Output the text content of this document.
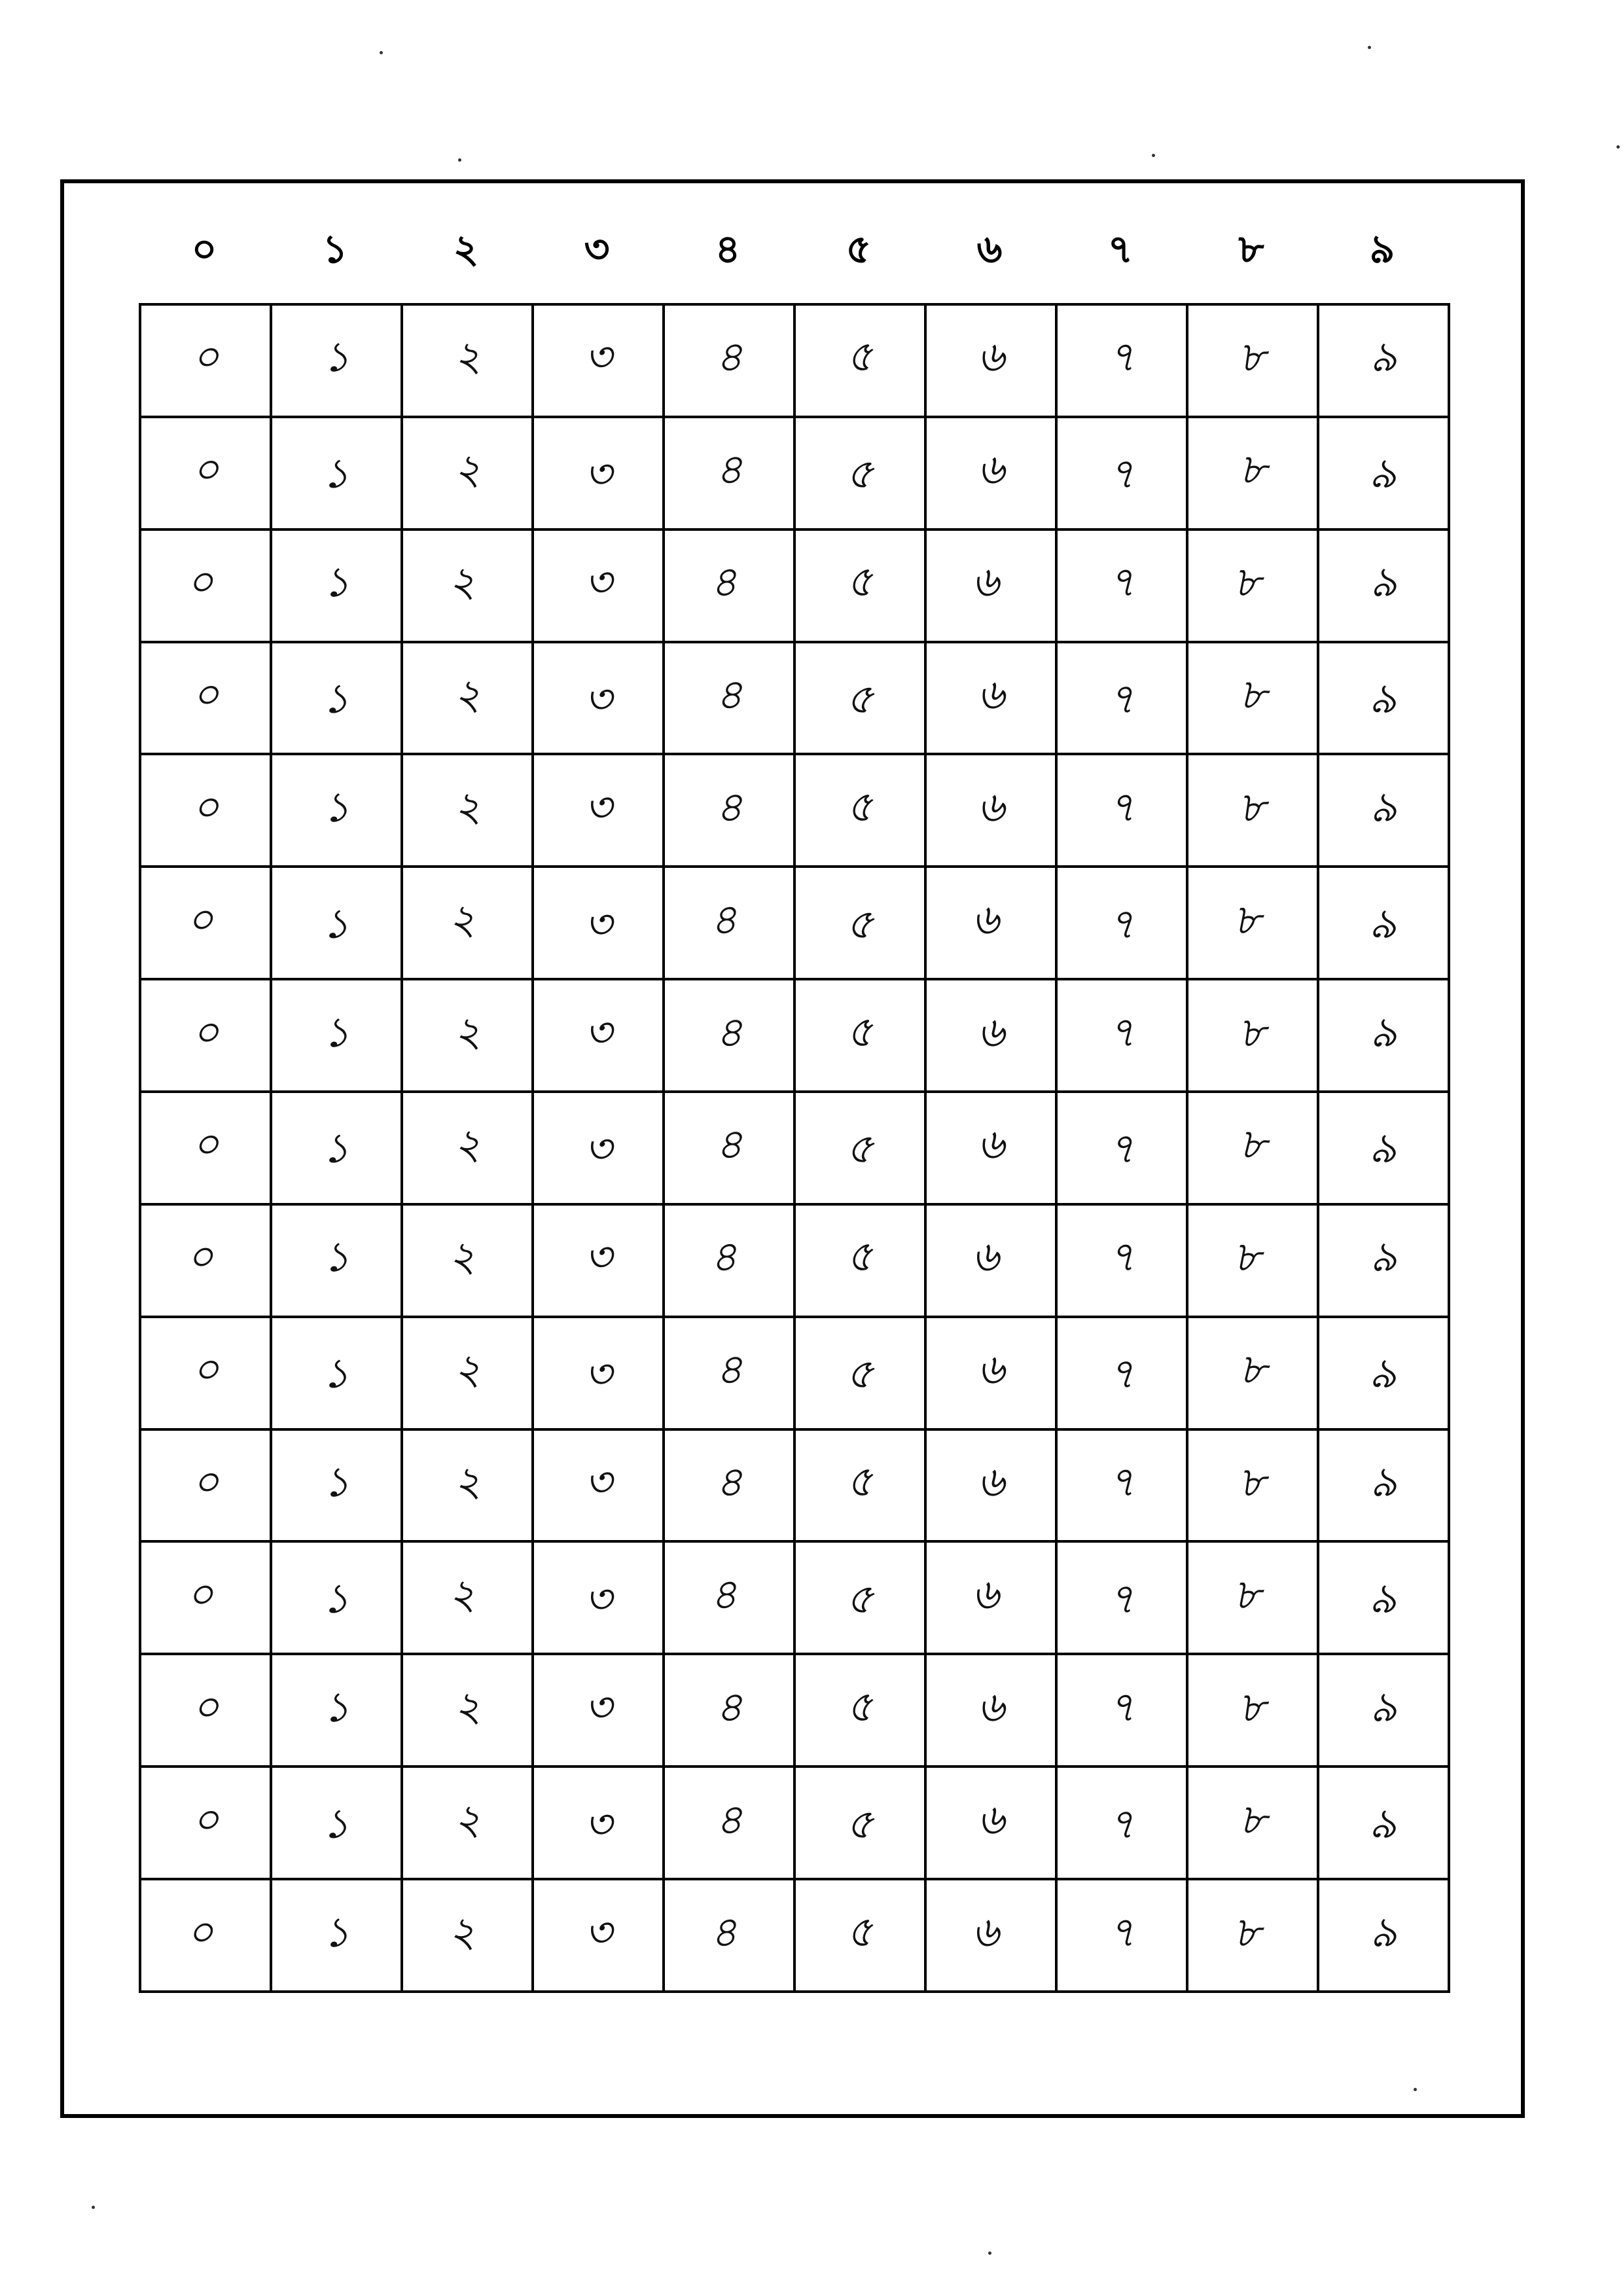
০	১	২	৩	৪	৫	৬	৭	৮	৯
০	১	২	৩	৪	৫	৬	৭	৮	৯
০	১	২	৩	৪	৫	৬	৭	৮	৯
০	১	২	৩	৪	৫	৬	৭	৮	৯
০	১	২	৩	৪	৫	৬	৭	৮	৯
০	১	২	৩	৪	৫	৬	৭	৮	৯
০	১	২	৩	৪	৫	৬	৭	৮	৯
০	১	২	৩	৪	৫	৬	৭	৮	৯
০	১	২	৩	৪	৫	৬	৭	৮	৯
০	১	২	৩	৪	৫	৬	৭	৮	৯
০	১	২	৩	৪	৫	৬	৭	৮	৯
০	১	২	৩	৪	৫	৬	৭	৮	৯
০	১	২	৩	৪	৫	৬	৭	৮	৯
০	১	২	৩	৪	৫	৬	৭	৮	৯
০	১	২	৩	৪	৫	৬	৭	৮	৯
০	১	২	৩	৪	৫	৬	৭	৮	৯
